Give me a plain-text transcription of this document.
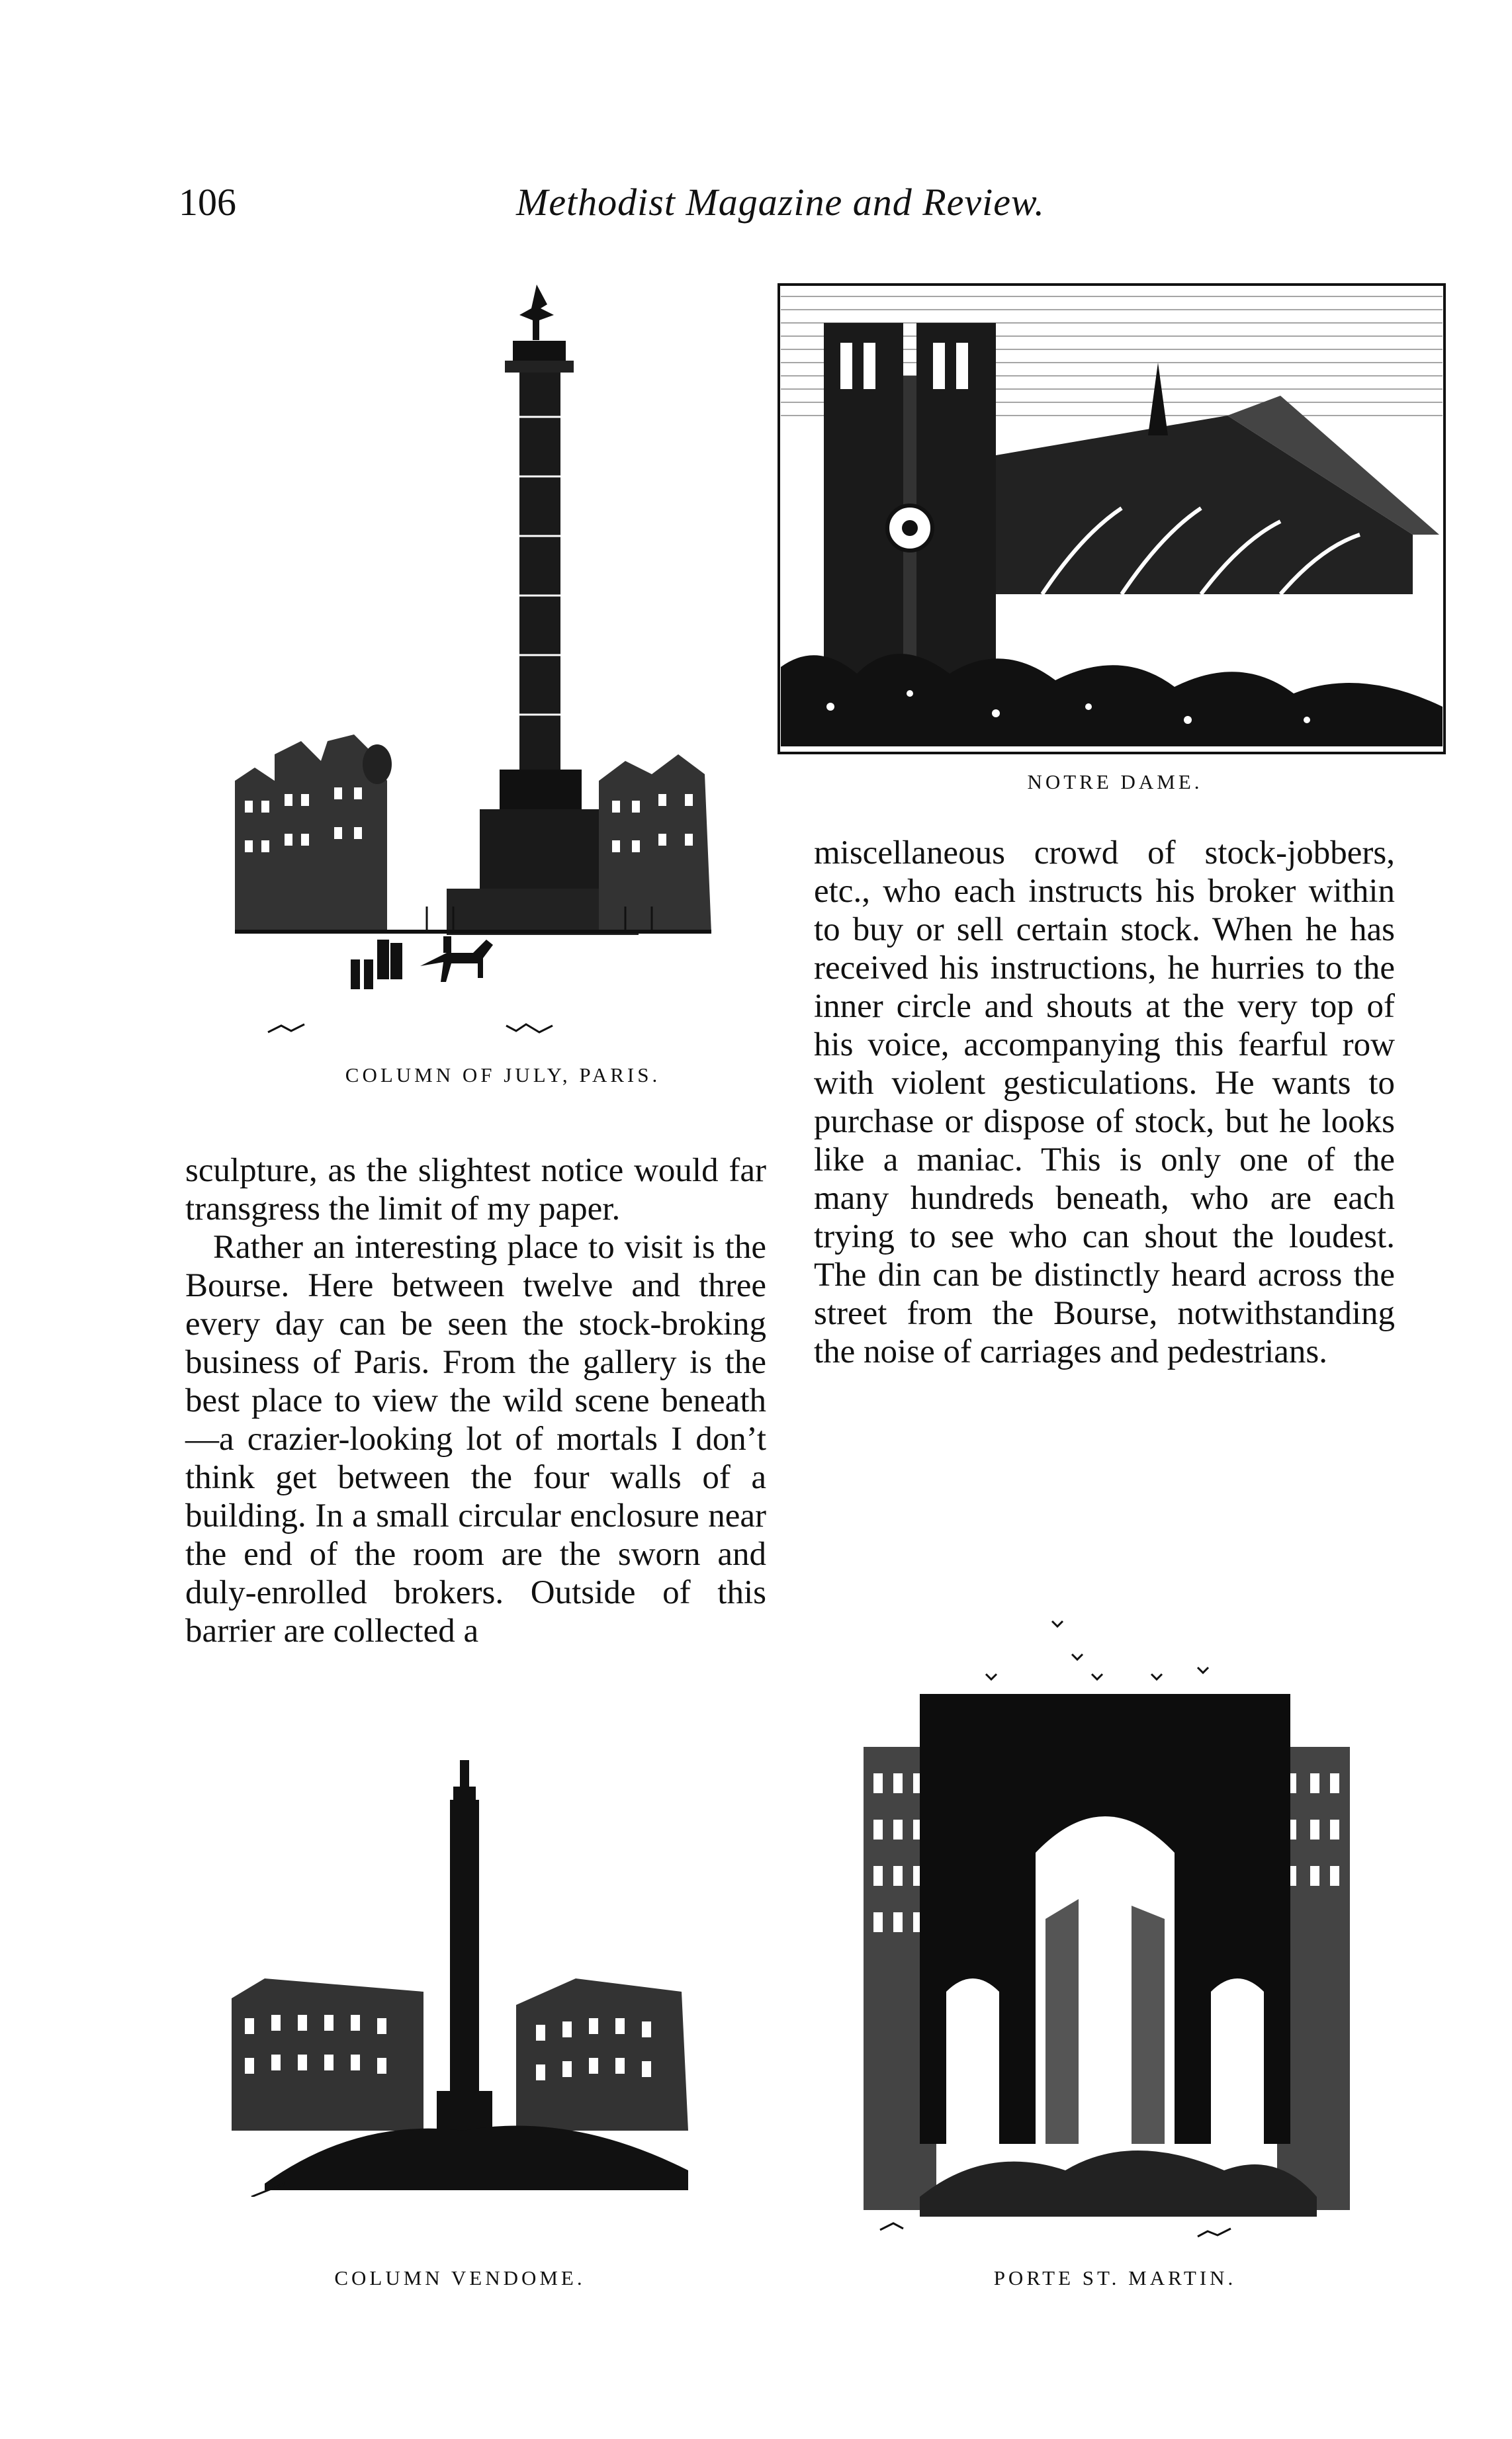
106	Methodist Magazine and Review.
COLUMN OF JULY, PARIS.
NOTRE DAME.

sculpture, as the slightest notice would far transgress the limit of my paper.

Rather an interesting place to visit is the Bourse. Here between twelve and three every day can be seen the stock-broking business of Paris. From the gallery is the best place to view the wild scene beneath—a crazier-looking lot of mortals I don’t think get between the four walls of a building. In a small circular enclosure near the end of the room are the sworn and duly-enrolled brokers. Outside of this barrier are collected a

miscellaneous crowd of stock-jobbers, etc., who each instructs his broker within to buy or sell certain stock. When he has received his instructions, he hurries to the inner circle and shouts at the very top of his voice, accompanying this fearful row with violent gesticulations. He wants to purchase or dispose of stock, but he looks like a maniac. This is only one of the many hundreds beneath, who are each trying to see who can shout the loudest. The din can be distinctly heard across the street from the Bourse, notwithstanding the noise of carriages and pedestrians.

COLUMN VENDOME.	PORTE ST. MARTIN.
